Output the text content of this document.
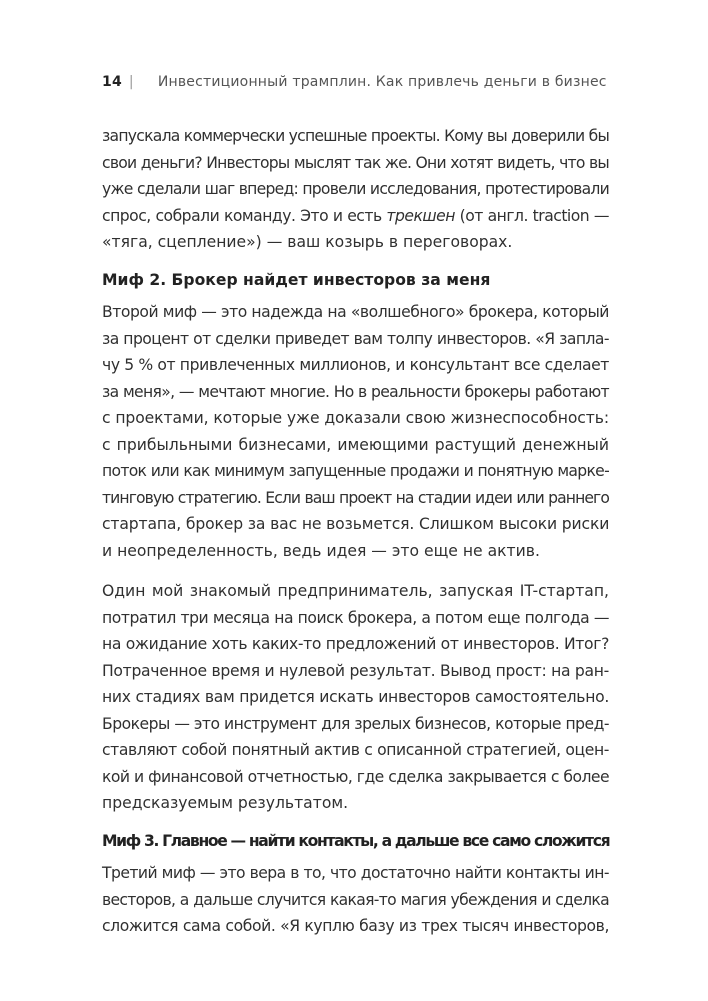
14 | Инвестиционный трамплин. Как привлечь деньги в бизнес

запускала коммерчески успешные проекты. Кому вы доверили бы
свои деньги? Инвесторы мыслят так же. Они хотят видеть, что вы
уже сделали шаг вперед: провели исследования, протестировали
спрос, собрали команду. Это и есть трекшен (от англ. traction —
«тяга, сцепление») — ваш козырь в переговорах.

Миф 2. Брокер найдет инвесторов за меня

Второй миф — это надежда на «волшебного» брокера, который
за процент от сделки приведет вам толпу инвесторов. «Я запла-
чу 5 % от привлеченных миллионов, и консультант все сделает
за меня», — мечтают многие. Но в реальности брокеры работают
с проектами, которые уже доказали свою жизнеспособность:
с прибыльными бизнесами, имеющими растущий денежный
поток или как минимум запущенные продажи и понятную марке-
тинговую стратегию. Если ваш проект на стадии идеи или раннего
стартапа, брокер за вас не возьмется. Слишком высоки риски
и неопределенность, ведь идея — это еще не актив.

Один мой знакомый предприниматель, запуская IT-стартап,
потратил три месяца на поиск брокера, а потом еще полгода —
на ожидание хоть каких-то предложений от инвесторов. Итог?
Потраченное время и нулевой результат. Вывод прост: на ран-
них стадиях вам придется искать инвесторов самостоятельно.
Брокеры — это инструмент для зрелых бизнесов, которые пред-
ставляют собой понятный актив с описанной стратегией, оцен-
кой и финансовой отчетностью, где сделка закрывается с более
предсказуемым результатом.

Миф 3. Главное — найти контакты, а дальше все само сложится

Третий миф — это вера в то, что достаточно найти контакты ин-
весторов, а дальше случится какая-то магия убеждения и сделка
сложится сама собой. «Я куплю базу из трех тысяч инвесторов,
